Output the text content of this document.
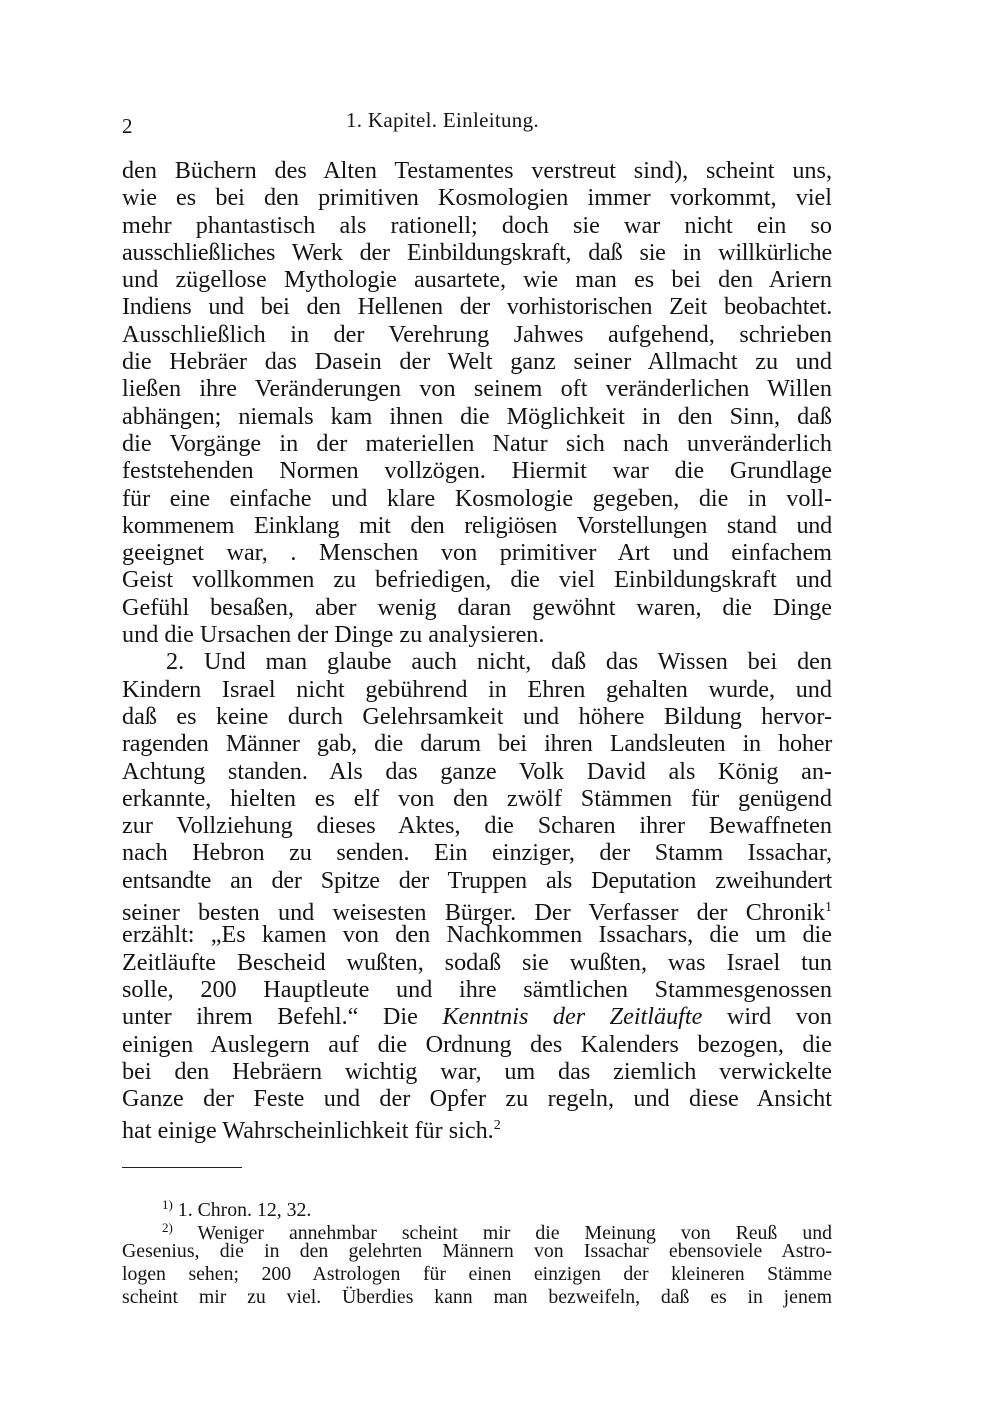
2	1. Kapitel. Einleitung.
den Büchern des Alten Testamentes verstreut sind), scheint uns,
wie es bei den primitiven Kosmologien immer vorkommt, viel
mehr phantastisch als rationell; doch sie war nicht ein so
ausschließliches Werk der Einbildungskraft, daß sie in willkürliche
und zügellose Mythologie ausartete, wie man es bei den Ariern
Indiens und bei den Hellenen der vorhistorischen Zeit beobachtet.
Ausschließlich in der Verehrung Jahwes aufgehend, schrieben
die Hebräer das Dasein der Welt ganz seiner Allmacht zu und
ließen ihre Veränderungen von seinem oft veränderlichen Willen
abhängen; niemals kam ihnen die Möglichkeit in den Sinn, daß
die Vorgänge in der materiellen Natur sich nach unveränderlich
feststehenden Normen vollzögen. Hiermit war die Grundlage
für eine einfache und klare Kosmologie gegeben, die in voll-
kommenem Einklang mit den religiösen Vorstellungen stand und
geeignet war, . Menschen von primitiver Art und einfachem
Geist vollkommen zu befriedigen, die viel Einbildungskraft und
Gefühl besaßen, aber wenig daran gewöhnt waren, die Dinge
und die Ursachen der Dinge zu analysieren.
2. Und man glaube auch nicht, daß das Wissen bei den
Kindern Israel nicht gebührend in Ehren gehalten wurde, und
daß es keine durch Gelehrsamkeit und höhere Bildung hervor-
ragenden Männer gab, die darum bei ihren Landsleuten in hoher
Achtung standen. Als das ganze Volk David als König an-
erkannte, hielten es elf von den zwölf Stämmen für genügend
zur Vollziehung dieses Aktes, die Scharen ihrer Bewaffneten
nach Hebron zu senden. Ein einziger, der Stamm Issachar,
entsandte an der Spitze der Truppen als Deputation zweihundert
seiner besten und weisesten Bürger. Der Verfasser der Chronik$^1$
erzählt: „Es kamen von den Nachkommen Issachars, die um die
Zeitläufte Bescheid wußten, sodaß sie wußten, was Israel tun
solle, 200 Hauptleute und ihre sämtlichen Stammesgenossen
unter ihrem Befehl.“ Die Kenntnis der Zeitläufte wird von
einigen Auslegern auf die Ordnung des Kalenders bezogen, die
bei den Hebräern wichtig war, um das ziemlich verwickelte
Ganze der Feste und der Opfer zu regeln, und diese Ansicht
hat einige Wahrscheinlichkeit für sich.$^2$
$^{1)}$ 1. Chron. 12, 32.
$^{2)}$ Weniger annehmbar scheint mir die Meinung von Reuß und
Gesenius, die in den gelehrten Männern von Issachar ebensoviele Astro-
logen sehen; 200 Astrologen für einen einzigen der kleineren Stämme
scheint mir zu viel. Überdies kann man bezweifeln, daß es in jenem
